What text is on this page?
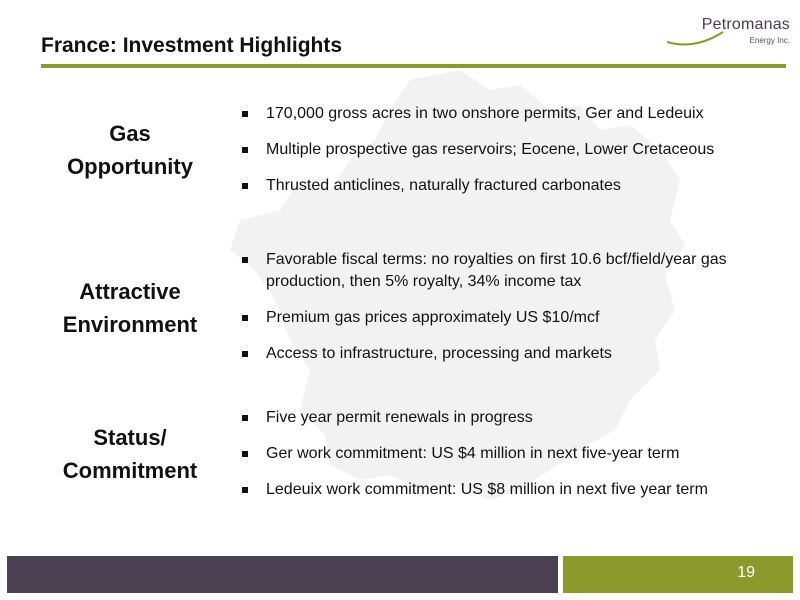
France: Investment Highlights
Petromanas
Energy Inc.
Gas
Opportunity
170,000 gross acres in two onshore permits, Ger and Ledeuix
Multiple prospective gas reservoirs; Eocene, Lower Cretaceous
Thrusted anticlines, naturally fractured carbonates
Attractive
Environment
Favorable fiscal terms: no royalties on first 10.6 bcf/field/year gas production, then 5% royalty, 34% income tax
Premium gas prices approximately US $10/mcf
Access to infrastructure, processing and markets
Status/
Commitment
Five year permit renewals in progress
Ger work commitment: US $4 million in next five-year term
Ledeuix work commitment: US $8 million in next five year term
19
